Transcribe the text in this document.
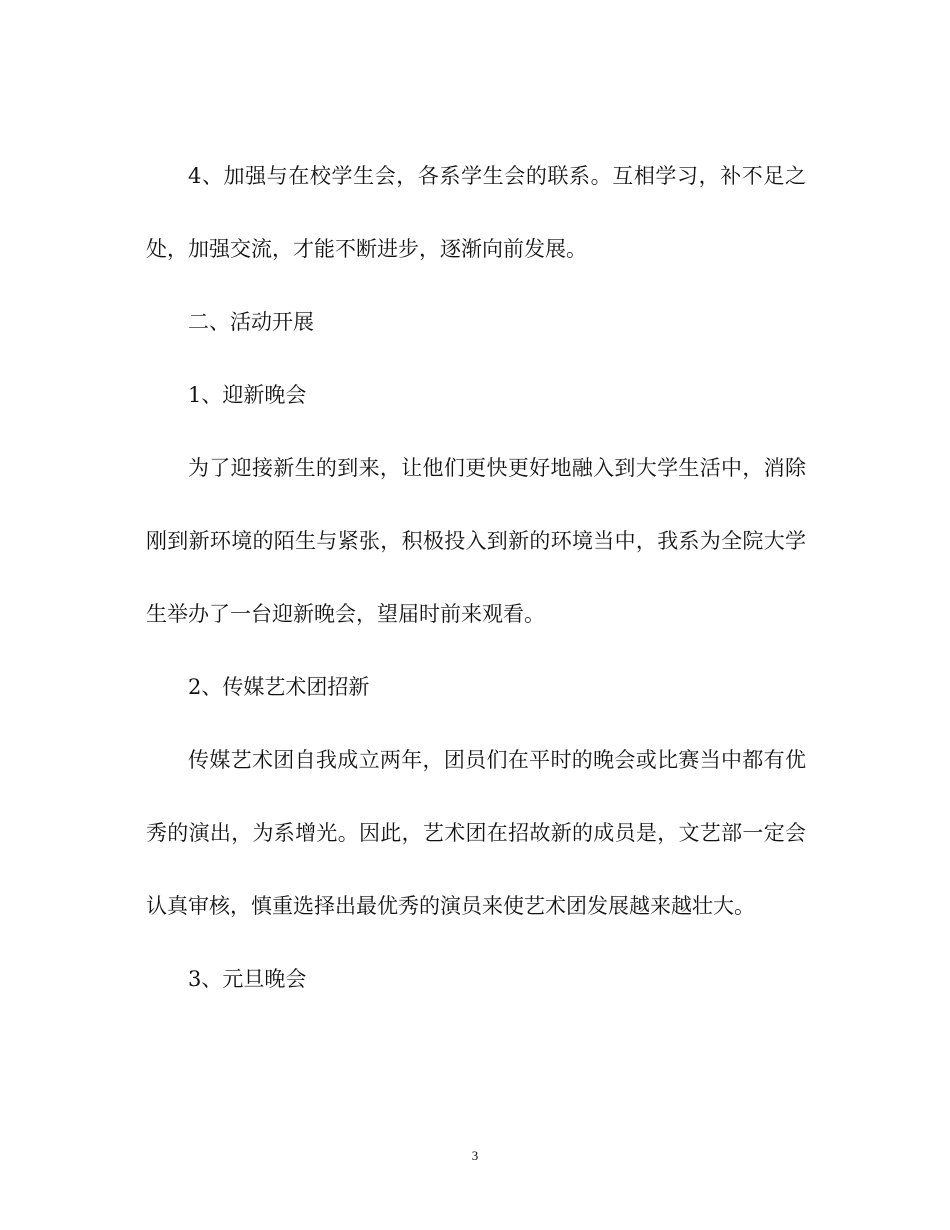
4、加强与在校学生会，各系学生会的联系。互相学习，补不足之处，加强交流，才能不断进步，逐渐向前发展。

二、活动开展

1、迎新晚会

为了迎接新生的到来，让他们更快更好地融入到大学生活中，消除刚到新环境的陌生与紧张，积极投入到新的环境当中，我系为全院大学生举办了一台迎新晚会，望届时前来观看。

2、传媒艺术团招新

传媒艺术团自我成立两年，团员们在平时的晚会或比赛当中都有优秀的演出，为系增光。因此，艺术团在招故新的成员是，文艺部一定会认真审核，慎重选择出最优秀的演员来使艺术团发展越来越壮大。

3、元旦晚会

3
